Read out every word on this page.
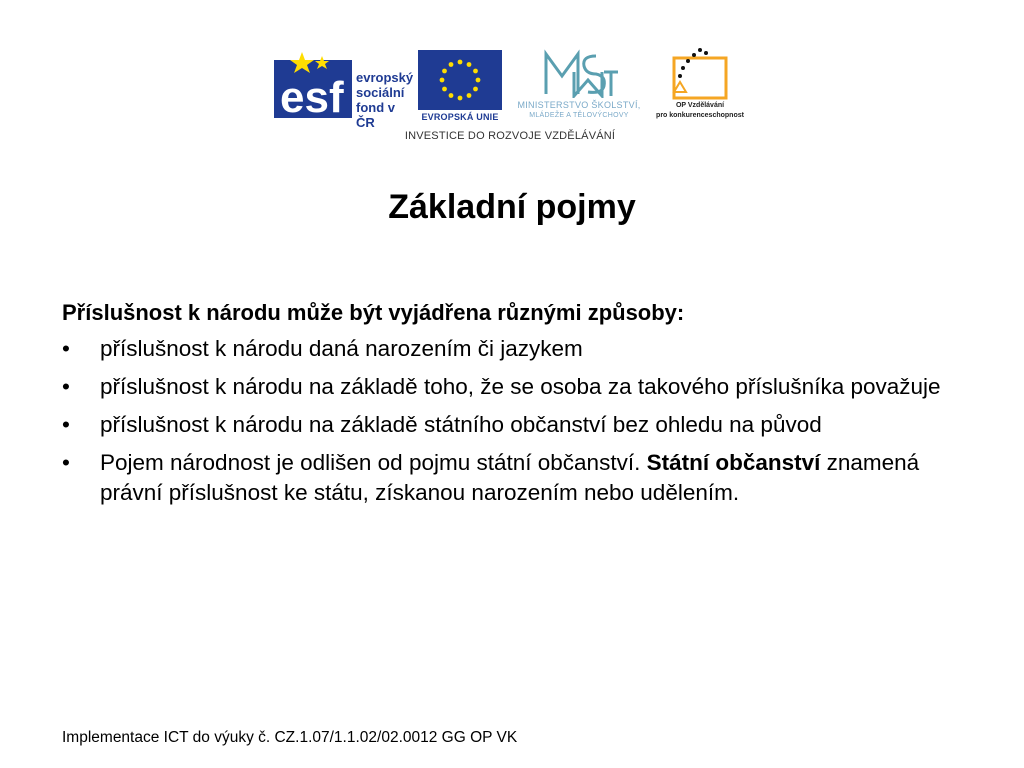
esf evropský
sociální
fond v ČR	EVROPSKÁ UNIE
MINISTERSTVO ŠKOLSTVÍ,
MLÁDEŽE A TĚLOVÝCHOVY
OP Vzdělávání
pro konkurenceschopnost
INVESTICE DO ROZVOJE VZDĚLÁVÁNÍ
Základní pojmy
Příslušnost k národu může být vyjádřena různými způsoby:
• příslušnost k národu daná narozením či jazykem
• příslušnost k národu na základě toho, že se osoba za takového příslušníka považuje
• příslušnost k národu na základě státního občanství bez ohledu na původ
• Pojem národnost je odlišen od pojmu státní občanství. Státní občanství znamená právní příslušnost ke státu, získanou narozením nebo udělením.
Implementace ICT do výuky č. CZ.1.07/1.1.02/02.0012 GG OP VK
